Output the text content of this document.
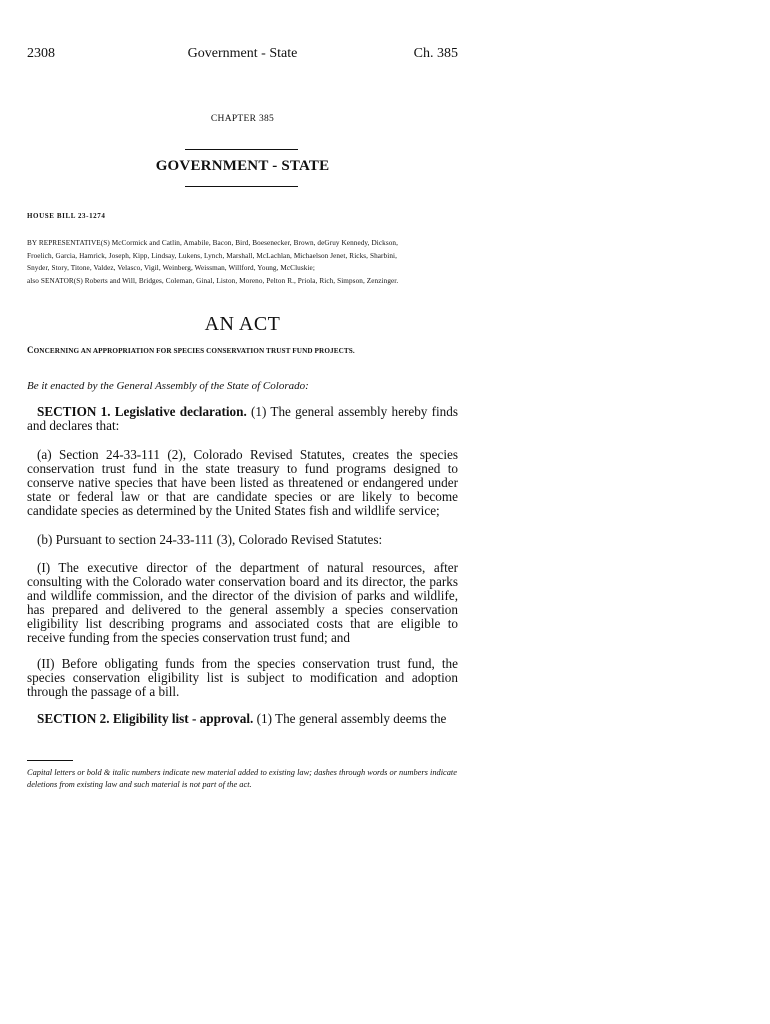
2308	Government - State	Ch. 385
CHAPTER 385
GOVERNMENT - STATE
HOUSE BILL 23-1274
BY REPRESENTATIVE(S) McCormick and Catlin, Amabile, Bacon, Bird, Boesenecker, Brown, deGruy Kennedy, Dickson,
Froelich, Garcia, Hamrick, Joseph, Kipp, Lindsay, Lukens, Lynch, Marshall, McLachlan, Michaelson Jenet, Ricks, Sharbini,
Snyder, Story, Titone, Valdez, Velasco, Vigil, Weinberg, Weissman, Willford, Young, McCluskie;
also SENATOR(S) Roberts and Will, Bridges, Coleman, Ginal, Liston, Moreno, Pelton R., Priola, Rich, Simpson, Zenzinger.
AN ACT
CONCERNING AN APPROPRIATION FOR SPECIES CONSERVATION TRUST FUND PROJECTS.
Be it enacted by the General Assembly of the State of Colorado:
SECTION 1. Legislative declaration. (1) The general assembly hereby finds and declares that:
(a) Section 24-33-111 (2), Colorado Revised Statutes, creates the species conservation trust fund in the state treasury to fund programs designed to conserve native species that have been listed as threatened or endangered under state or federal law or that are candidate species or are likely to become candidate species as determined by the United States fish and wildlife service;
(b) Pursuant to section 24-33-111 (3), Colorado Revised Statutes:
(I) The executive director of the department of natural resources, after consulting with the Colorado water conservation board and its director, the parks and wildlife commission, and the director of the division of parks and wildlife, has prepared and delivered to the general assembly a species conservation eligibility list describing programs and associated costs that are eligible to receive funding from the species conservation trust fund; and
(II) Before obligating funds from the species conservation trust fund, the species conservation eligibility list is subject to modification and adoption through the passage of a bill.
SECTION 2. Eligibility list - approval. (1) The general assembly deems the
Capital letters or bold & italic numbers indicate new material added to existing law; dashes through words or numbers indicate deletions from existing law and such material is not part of the act.
